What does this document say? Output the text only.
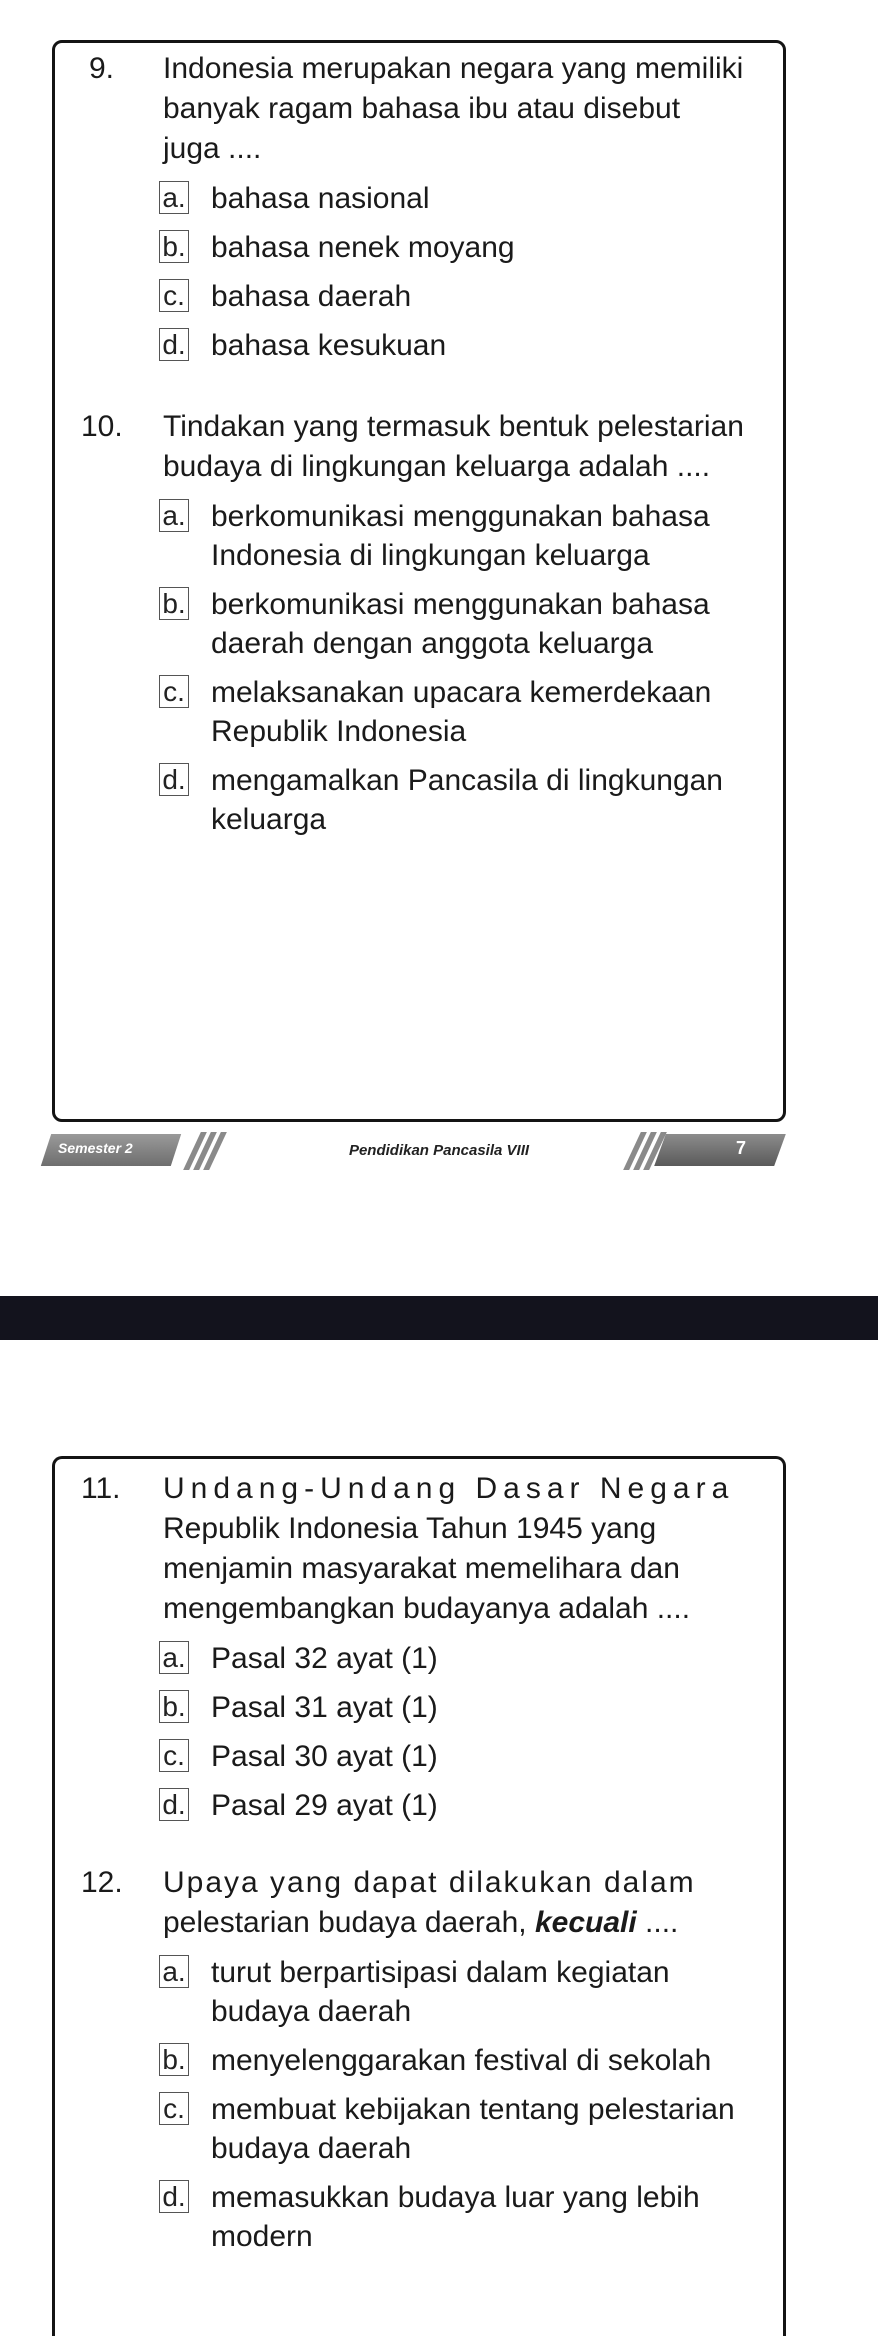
9. Indonesia merupakan negara yang memiliki
banyak ragam bahasa ibu atau disebut
juga ....
a. bahasa nasional
b. bahasa nenek moyang
c. bahasa daerah
d. bahasa kesukuan
10. Tindakan yang termasuk bentuk pelestarian
budaya di lingkungan keluarga adalah ....
a. berkomunikasi menggunakan bahasa
Indonesia di lingkungan keluarga
b. berkomunikasi menggunakan bahasa
daerah dengan anggota keluarga
c. melaksanakan upacara kemerdekaan
Republik Indonesia
d. mengamalkan Pancasila di lingkungan
keluarga
Semester 2	Pendidikan Pancasila VIII	7
11. Undang-Undang Dasar Negara
Republik Indonesia Tahun 1945 yang
menjamin masyarakat memelihara dan
mengembangkan budayanya adalah ....
a. Pasal 32 ayat (1)
b. Pasal 31 ayat (1)
c. Pasal 30 ayat (1)
d. Pasal 29 ayat (1)
12. Upaya yang dapat dilakukan dalam
pelestarian budaya daerah, kecuali ....
a. turut berpartisipasi dalam kegiatan
budaya daerah
b. menyelenggarakan festival di sekolah
c. membuat kebijakan tentang pelestarian
budaya daerah
d. memasukkan budaya luar yang lebih
modern
